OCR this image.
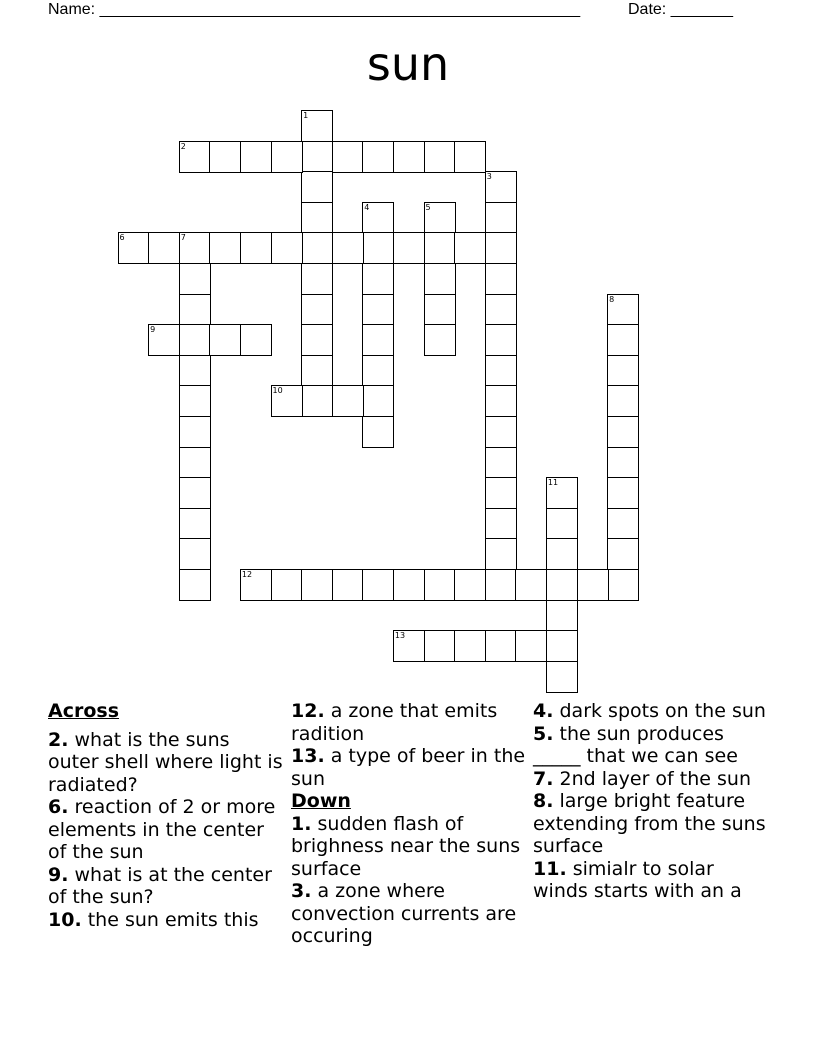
Name: ______________________________________________________	Date: _______
sun
1
2
3
4	5
6	7
8
9
10
11
12
13

Across

2. what is the suns outer shell where light is radiated?

6. reaction of 2 or more elements in the center of the sun

9. what is at the center of the sun?

10. the sun emits this

12. a zone that emits radition

13. a type of beer in the sun

Down

1. sudden flash of brighness near the suns surface

3. a zone where convection currents are occuring

4. dark spots on the sun

5. the sun produces _____ that we can see

7. 2nd layer of the sun

8. large bright feature extending from the suns surface

11. simialr to solar winds starts with an a
